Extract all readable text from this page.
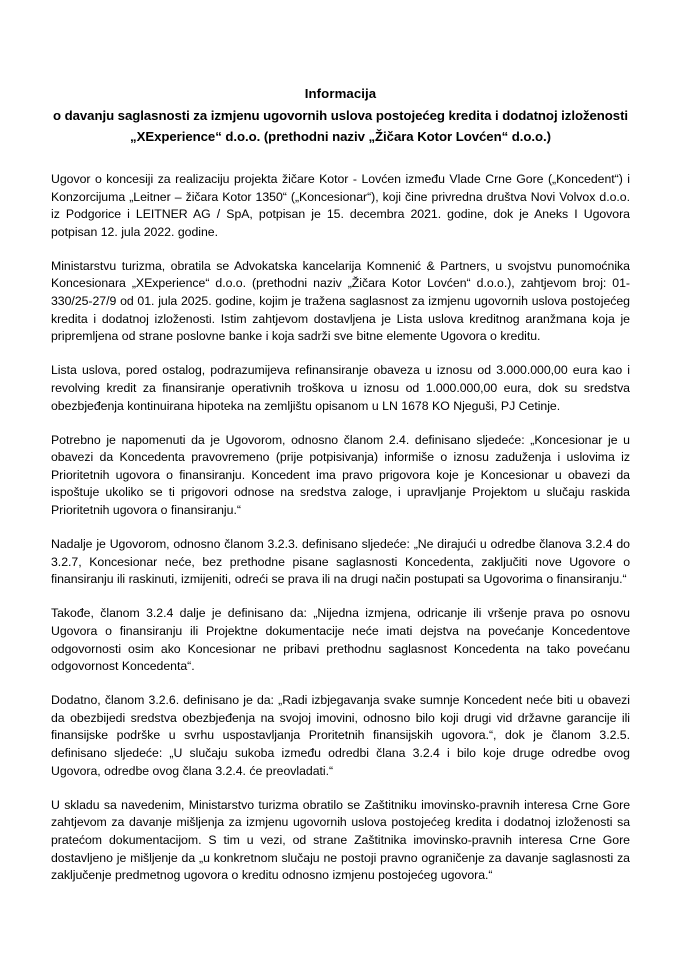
Informacija
o davanju saglasnosti za izmjenu ugovornih uslova postojećeg kredita i dodatnoj izloženosti „XExperience“ d.o.o. (prethodni naziv „Žičara Kotor Lovćen“ d.o.o.)

Ugovor o koncesiji za realizaciju projekta žičare Kotor - Lovćen između Vlade Crne Gore („Koncedent“) i Konzorcijuma „Leitner – žičara Kotor 1350“ („Koncesionar“), koji čine privredna društva Novi Volvox d.o.o. iz Podgorice i LEITNER AG / SpA, potpisan je 15. decembra 2021. godine, dok je Aneks I Ugovora potpisan 12. jula 2022. godine.

Ministarstvu turizma, obratila se Advokatska kancelarija Komnenić & Partners, u svojstvu punomoćnika Koncesionara „XExperience“ d.o.o. (prethodni naziv „Žičara Kotor Lovćen“ d.o.o.), zahtjevom broj: 01-330/25-27/9 od 01. jula 2025. godine, kojim je tražena saglasnost za izmjenu ugovornih uslova postojećeg kredita i dodatnoj izloženosti. Istim zahtjevom dostavljena je Lista uslova kreditnog aranžmana koja je pripremljena od strane poslovne banke i koja sadrži sve bitne elemente Ugovora o kreditu.

Lista uslova, pored ostalog, podrazumijeva refinansiranje obaveza u iznosu od 3.000.000,00 eura kao i revolving kredit za finansiranje operativnih troškova u iznosu od 1.000.000,00 eura, dok su sredstva obezbjeđenja kontinuirana hipoteka na zemljištu opisanom u LN 1678 KO Njeguši, PJ Cetinje.

Potrebno je napomenuti da je Ugovorom, odnosno članom 2.4. definisano sljedeće: „Koncesionar je u obavezi da Koncedenta pravovremeno (prije potpisivanja) informiše o iznosu zaduženja i uslovima iz Prioritetnih ugovora o finansiranju. Koncedent ima pravo prigovora koje je Koncesionar u obavezi da ispoštuje ukoliko se ti prigovori odnose na sredstva zaloge, i upravljanje Projektom u slučaju raskida Prioritetnih ugovora o finansiranju.“

Nadalje je Ugovorom, odnosno članom 3.2.3. definisano sljedeće: „Ne dirajući u odredbe članova 3.2.4 do 3.2.7, Koncesionar neće, bez prethodne pisane saglasnosti Koncedenta, zaključiti nove Ugovore o finansiranju ili raskinuti, izmijeniti, odreći se prava ili na drugi način postupati sa Ugovorima o finansiranju.“

Takođe, članom 3.2.4 dalje je definisano da: „Nijedna izmjena, odricanje ili vršenje prava po osnovu Ugovora o finansiranju ili Projektne dokumentacije neće imati dejstva na povećanje Koncedentove odgovornosti osim ako Koncesionar ne pribavi prethodnu saglasnost Koncedenta na tako povećanu odgovornost Koncedenta“.

Dodatno, članom 3.2.6. definisano je da: „Radi izbjegavanja svake sumnje Koncedent neće biti u obavezi da obezbijedi sredstva obezbjeđenja na svojoj imovini, odnosno bilo koji drugi vid državne garancije ili finansijske podrške u svrhu uspostavljanja Proritetnih finansijskih ugovora.“, dok je članom 3.2.5. definisano sljedeće: „U slučaju sukoba između odredbi člana 3.2.4 i bilo koje druge odredbe ovog Ugovora, odredbe ovog člana 3.2.4. će preovladati.“

U skladu sa navedenim, Ministarstvo turizma obratilo se Zaštitniku imovinsko-pravnih interesa Crne Gore zahtjevom za davanje mišljenja za izmjenu ugovornih uslova postojećeg kredita i dodatnoj izloženosti sa pratećom dokumentacijom. S tim u vezi, od strane Zaštitnika imovinsko-pravnih interesa Crne Gore dostavljeno je mišljenje da „u konkretnom slučaju ne postoji pravno ograničenje za davanje saglasnosti za zaključenje predmetnog ugovora o kreditu odnosno izmjenu postojećeg ugovora.“
